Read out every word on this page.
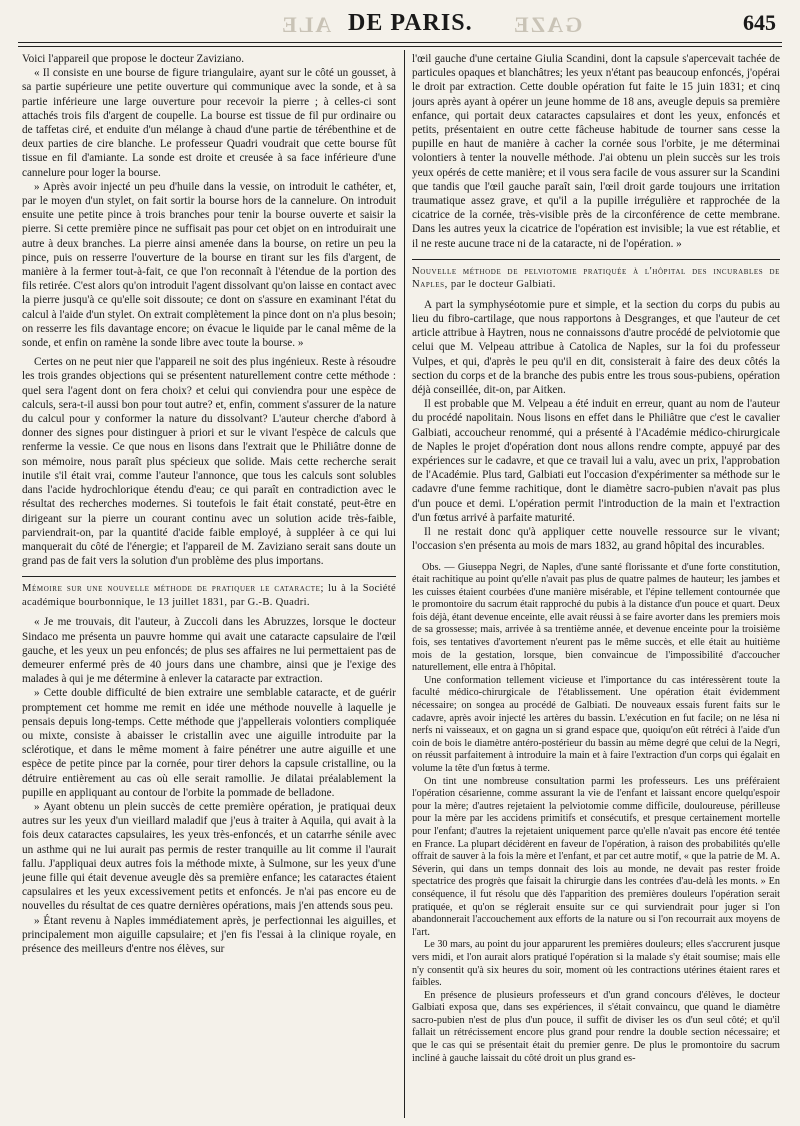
ALE DE PARIS. GAZE	645

Voici l'appareil que propose le docteur Zaviziano.

« Il consiste en une bourse de figure triangulaire, ayant sur le côté un gousset, à sa partie supérieure une petite ouverture qui communique avec la sonde, et à sa partie inférieure une large ouverture pour recevoir la pierre ; à celles-ci sont attachés trois fils d'argent de coupelle. La bourse est tissue de fil pur ordinaire ou de taffetas ciré, et enduite d'un mélange à chaud d'une partie de térébenthine et de deux parties de cire blanche. Le professeur Quadri voudrait que cette bourse fût tissue en fil d'amiante. La sonde est droite et creusée à sa face inférieure d'une cannelure pour loger la bourse.

» Après avoir injecté un peu d'huile dans la vessie, on introduit le cathéter, et, par le moyen d'un stylet, on fait sortir la bourse hors de la cannelure. On introduit ensuite une petite pince à trois branches pour tenir la bourse ouverte et saisir la pierre. Si cette première pince ne suffisait pas pour cet objet on en introduirait une autre à deux branches. La pierre ainsi amenée dans la bourse, on retire un peu la pince, puis on resserre l'ouverture de la bourse en tirant sur les fils d'argent, de manière à la fermer tout-à-fait, ce que l'on reconnaît à l'étendue de la portion des fils retirée. C'est alors qu'on introduit l'agent dissolvant qu'on laisse en contact avec la pierre jusqu'à ce qu'elle soit dissoute; ce dont on s'assure en examinant l'état du calcul à l'aide d'un stylet. On extrait complètement la pince dont on n'a plus besoin; on resserre les fils davantage encore; on évacue le liquide par le canal même de la sonde, et enfin on ramène la sonde libre avec toute la bourse. »

Certes on ne peut nier que l'appareil ne soit des plus ingénieux. Reste à résoudre les trois grandes objections qui se présentent naturellement contre cette méthode : quel sera l'agent dont on fera choix? et celui qui conviendra pour une espèce de calculs, sera-t-il aussi bon pour tout autre? et, enfin, comment s'assurer de la nature du calcul pour y conformer la nature du dissolvant? L'auteur cherche d'abord à donner des signes pour distinguer à priori et sur le vivant l'espèce de calculs que renferme la vessie. Ce que nous en lisons dans l'extrait que le Philiâtre donne de son mémoire, nous paraît plus spécieux que solide. Mais cette recherche serait inutile s'il était vrai, comme l'auteur l'annonce, que tous les calculs sont solubles dans l'acide hydrochlorique étendu d'eau; ce qui paraît en contradiction avec le résultat des recherches modernes. Si toutefois le fait était constaté, peut-être en dirigeant sur la pierre un courant continu avec un solution acide très-faible, parviendrait-on, par la quantité d'acide faible employé, à suppléer à ce qui lui manquerait du côté de l'énergie; et l'appareil de M. Zaviziano serait sans doute un grand pas de fait vers la solution d'un problème des plus importans.

Mémoire sur une nouvelle méthode de pratiquer le cataracte; lu à la Société académique bourbonnique, le 13 juillet 1831, par G.-B. Quadri.

« Je me trouvais, dit l'auteur, à Zuccoli dans les Abruzzes, lorsque le docteur Sindaco me présenta un pauvre homme qui avait une cataracte capsulaire de l'œil gauche, et les yeux un peu enfoncés; de plus ses affaires ne lui permettaient pas de demeurer enfermé près de 40 jours dans une chambre, ainsi que je l'exige des malades à qui je me détermine à enlever la cataracte par extraction.

» Cette double difficulté de bien extraire une semblable cataracte, et de guérir promptement cet homme me remit en idée une méthode nouvelle à laquelle je pensais depuis long-temps. Cette méthode que j'appellerais volontiers compliquée ou mixte, consiste à abaisser le cristallin avec une aiguille introduite par la sclérotique, et dans le même moment à faire pénétrer une autre aiguille et une espèce de petite pince par la cornée, pour tirer dehors la capsule cristalline, ou la détruire entièrement au cas où elle serait ramollie. Je dilatai préalablement la pupille en appliquant au contour de l'orbite la pommade de belladone.

» Ayant obtenu un plein succès de cette première opération, je pratiquai deux autres sur les yeux d'un vieillard maladif que j'eus à traiter à Aquila, qui avait à la fois deux cataractes capsulaires, les yeux très-enfoncés, et un catarrhe sénile avec un asthme qui ne lui aurait pas permis de rester tranquille au lit comme il l'aurait fallu. J'appliquai deux autres fois la méthode mixte, à Sulmone, sur les yeux d'une jeune fille qui était devenue aveugle dès sa première enfance; les cataractes étaient capsulaires et les yeux excessivement petits et enfoncés. Je n'ai pas encore eu de nouvelles du résultat de ces quatre dernières opérations, mais j'en attends sous peu.

» Étant revenu à Naples immédiatement après, je perfectionnai les aiguilles, et principalement mon aiguille capsulaire; et j'en fis l'essai à la clinique royale, en présence des meilleurs d'entre nos élèves, sur

l'œil gauche d'une certaine Giulia Scandini, dont la capsule s'apercevait tachée de particules opaques et blanchâtres; les yeux n'étant pas beaucoup enfoncés, j'opérai le droit par extraction. Cette double opération fut faite le 15 juin 1831; et cinq jours après ayant à opérer un jeune homme de 18 ans, aveugle depuis sa première enfance, qui portait deux cataractes capsulaires et dont les yeux, enfoncés et petits, présentaient en outre cette fâcheuse habitude de tourner sans cesse la pupille en haut de manière à cacher la cornée sous l'orbite, je me déterminai volontiers à tenter la nouvelle méthode. J'ai obtenu un plein succès sur les trois yeux opérés de cette manière; et il vous sera facile de vous assurer sur la Scandini que tandis que l'œil gauche paraît sain, l'œil droit garde toujours une irritation traumatique assez grave, et qu'il a la pupille irrégulière et rapprochée de la cicatrice de la cornée, très-visible près de la circonférence de cette membrane. Dans les autres yeux la cicatrice de l'opération est invisible; la vue est rétablie, et il ne reste aucune trace ni de la cataracte, ni de l'opération. »

Nouvelle méthode de pelviotomie pratiquée à l'hôpital des incurables de Naples, par le docteur Galbiati.

A part la symphyséotomie pure et simple, et la section du corps du pubis au lieu du fibro-cartilage, que nous rapportons à Desgranges, et que l'auteur de cet article attribue à Haytren, nous ne connaissons d'autre procédé de pelviotomie que celui que M. Velpeau attribue à Catolica de Naples, sur la foi du professeur Vulpes, et qui, d'après le peu qu'il en dit, consisterait à faire des deux côtés la section du corps et de la branche des pubis entre les trous sous-pubiens, opération déjà conseillée, dit-on, par Aitken.

Il est probable que M. Velpeau a été induit en erreur, quant au nom de l'auteur du procédé napolitain. Nous lisons en effet dans le Philiâtre que c'est le cavalier Galbiati, accoucheur renommé, qui a présenté à l'Académie médico-chirurgicale de Naples le projet d'opération dont nous allons rendre compte, appuyé par des expériences sur le cadavre, et que ce travail lui a valu, avec un prix, l'approbation de l'Académie. Plus tard, Galbiati eut l'occasion d'expérimenter sa méthode sur le cadavre d'une femme rachitique, dont le diamètre sacro-pubien n'avait pas plus d'un pouce et demi. L'opération permit l'introduction de la main et l'extraction d'un fœtus arrivé à parfaite maturité.

Il ne restait donc qu'à appliquer cette nouvelle ressource sur le vivant; l'occasion s'en présenta au mois de mars 1832, au grand hôpital des incurables.

Obs. — Giuseppa Negri, de Naples, d'une santé florissante et d'une forte constitution, était rachitique au point qu'elle n'avait pas plus de quatre palmes de hauteur; les jambes et les cuisses étaient courbées d'une manière misérable, et l'épine tellement contournée que le promontoire du sacrum était rapproché du pubis à la distance d'un pouce et quart. Deux fois déjà, étant devenue enceinte, elle avait réussi à se faire avorter dans les premiers mois de sa grossesse; mais, arrivée à sa trentième année, et devenue enceinte pour la troisième fois, ses tentatives d'avortement n'eurent pas le même succès, et elle était au huitième mois de la gestation, lorsque, bien convaincue de l'impossibilité d'accoucher naturellement, elle entra à l'hôpital.

Une conformation tellement vicieuse et l'importance du cas intéressèrent toute la faculté médico-chirurgicale de l'établissement. Une opération était évidemment nécessaire; on songea au procédé de Galbiati. De nouveaux essais furent faits sur le cadavre, après avoir injecté les artères du bassin. L'exécution en fut facile; on ne lésa ni nerfs ni vaisseaux, et on gagna un si grand espace que, quoiqu'on eût rétréci à l'aide d'un coin de bois le diamètre antéro-postérieur du bassin au même degré que celui de la Negri, on réussit parfaitement à introduire la main et à faire l'extraction d'un corps qui égalait en volume la tête d'un fœtus à terme.

On tint une nombreuse consultation parmi les professeurs. Les uns préféraient l'opération césarienne, comme assurant la vie de l'enfant et laissant encore quelqu'espoir pour la mère; d'autres rejetaient la pelviotomie comme difficile, douloureuse, périlleuse pour la mère par les accidens primitifs et consécutifs, et presque certainement mortelle pour l'enfant; d'autres la rejetaient uniquement parce qu'elle n'avait pas encore été tentée en France. La plupart décidèrent en faveur de l'opération, à raison des probabilités qu'elle offrait de sauver à la fois la mère et l'enfant, et par cet autre motif, « que la patrie de M. A. Séverin, qui dans un temps donnait des lois au monde, ne devait pas rester froide spectatrice des progrès que faisait la chirurgie dans les contrées d'au-delà les monts. » En conséquence, il fut résolu que dès l'apparition des premières douleurs l'opération serait pratiquée, et qu'on se réglerait ensuite sur ce qui surviendrait pour juger si l'on abandonnerait l'accouchement aux efforts de la nature ou si l'on recourrait aux moyens de l'art.

Le 30 mars, au point du jour apparurent les premières douleurs; elles s'accrurent jusque vers midi, et l'on aurait alors pratiqué l'opération si la malade s'y était soumise; mais elle n'y consentit qu'à six heures du soir, moment où les contractions utérines étaient rares et faibles.

En présence de plusieurs professeurs et d'un grand concours d'élèves, le docteur Galbiati exposa que, dans ses expériences, il s'était convaincu, que quand le diamètre sacro-pubien n'est de plus d'un pouce, il suffit de diviser les os d'un seul côté; et qu'il fallait un rétrécissement encore plus grand pour rendre la double section nécessaire; et que le cas qui se présentait était du premier genre. De plus le promontoire du sacrum incliné à gauche laissait du côté droit un plus grand es-
